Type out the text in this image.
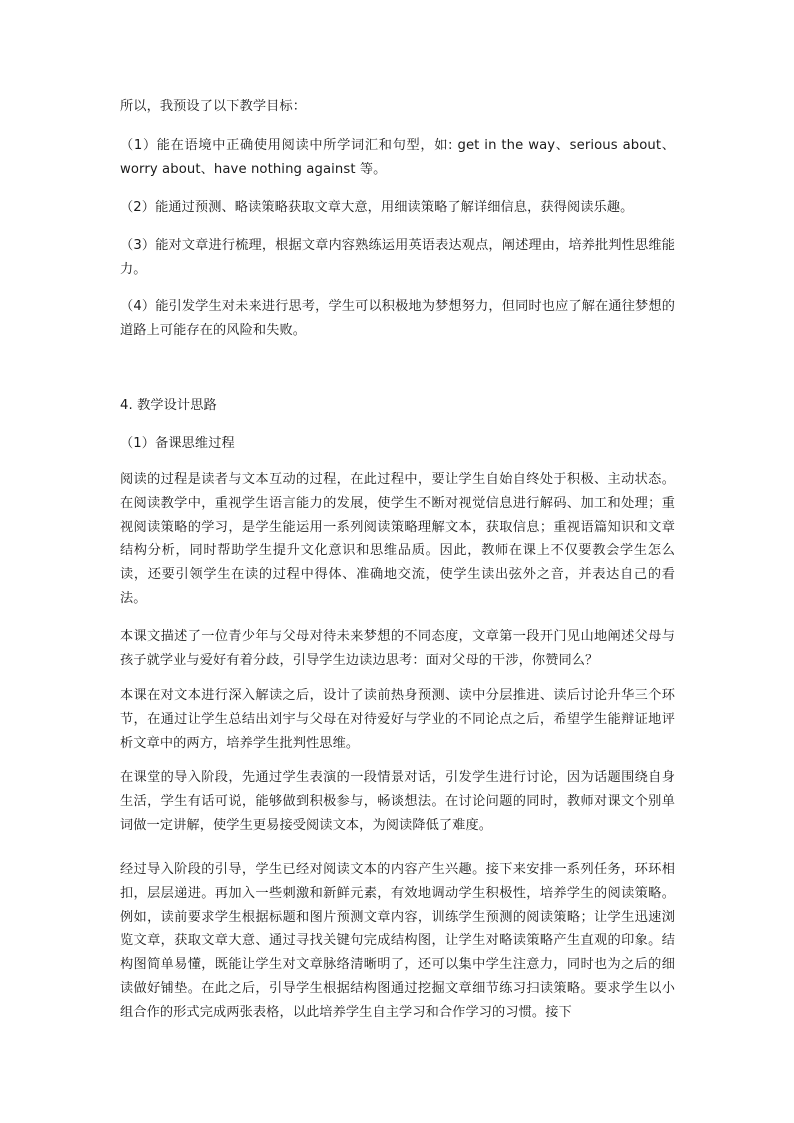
所以，我预设了以下教学目标：

（1）能在语境中正确使用阅读中所学词汇和句型，如: get in the way、serious about、worry about、have nothing against 等。

（2）能通过预测、略读策略获取文章大意，用细读策略了解详细信息，获得阅读乐趣。

（3）能对文章进行梳理，根据文章内容熟练运用英语表达观点，阐述理由，培养批判性思维能力。

（4）能引发学生对未来进行思考，学生可以积极地为梦想努力，但同时也应了解在通往梦想的道路上可能存在的风险和失败。

4. 教学设计思路

（1）备课思维过程

阅读的过程是读者与文本互动的过程，在此过程中，要让学生自始自终处于积极、主动状态。在阅读教学中，重视学生语言能力的发展，使学生不断对视觉信息进行解码、加工和处理；重视阅读策略的学习，是学生能运用一系列阅读策略理解文本，获取信息；重视语篇知识和文章结构分析，同时帮助学生提升文化意识和思维品质。因此，教师在课上不仅要教会学生怎么读，还要引领学生在读的过程中得体、准确地交流，使学生读出弦外之音，并表达自己的看法。

本课文描述了一位青少年与父母对待未来梦想的不同态度，文章第一段开门见山地阐述父母与孩子就学业与爱好有着分歧，引导学生边读边思考：面对父母的干涉，你赞同么？

本课在对文本进行深入解读之后，设计了读前热身预测、读中分层推进、读后讨论升华三个环节，在通过让学生总结出刘宇与父母在对待爱好与学业的不同论点之后，希望学生能辩证地评析文章中的两方，培养学生批判性思维。

在课堂的导入阶段，先通过学生表演的一段情景对话，引发学生进行讨论，因为话题围绕自身生活，学生有话可说，能够做到积极参与，畅谈想法。在讨论问题的同时，教师对课文个别单词做一定讲解，使学生更易接受阅读文本，为阅读降低了难度。

经过导入阶段的引导，学生已经对阅读文本的内容产生兴趣。接下来安排一系列任务，环环相扣，层层递进。再加入一些刺激和新鲜元素，有效地调动学生积极性，培养学生的阅读策略。例如，读前要求学生根据标题和图片预测文章内容，训练学生预测的阅读策略；让学生迅速浏览文章，获取文章大意、通过寻找关键句完成结构图，让学生对略读策略产生直观的印象。结构图简单易懂，既能让学生对文章脉络清晰明了，还可以集中学生注意力，同时也为之后的细读做好铺垫。在此之后，引导学生根据结构图通过挖掘文章细节练习扫读策略。要求学生以小组合作的形式完成两张表格，以此培养学生自主学习和合作学习的习惯。接下
